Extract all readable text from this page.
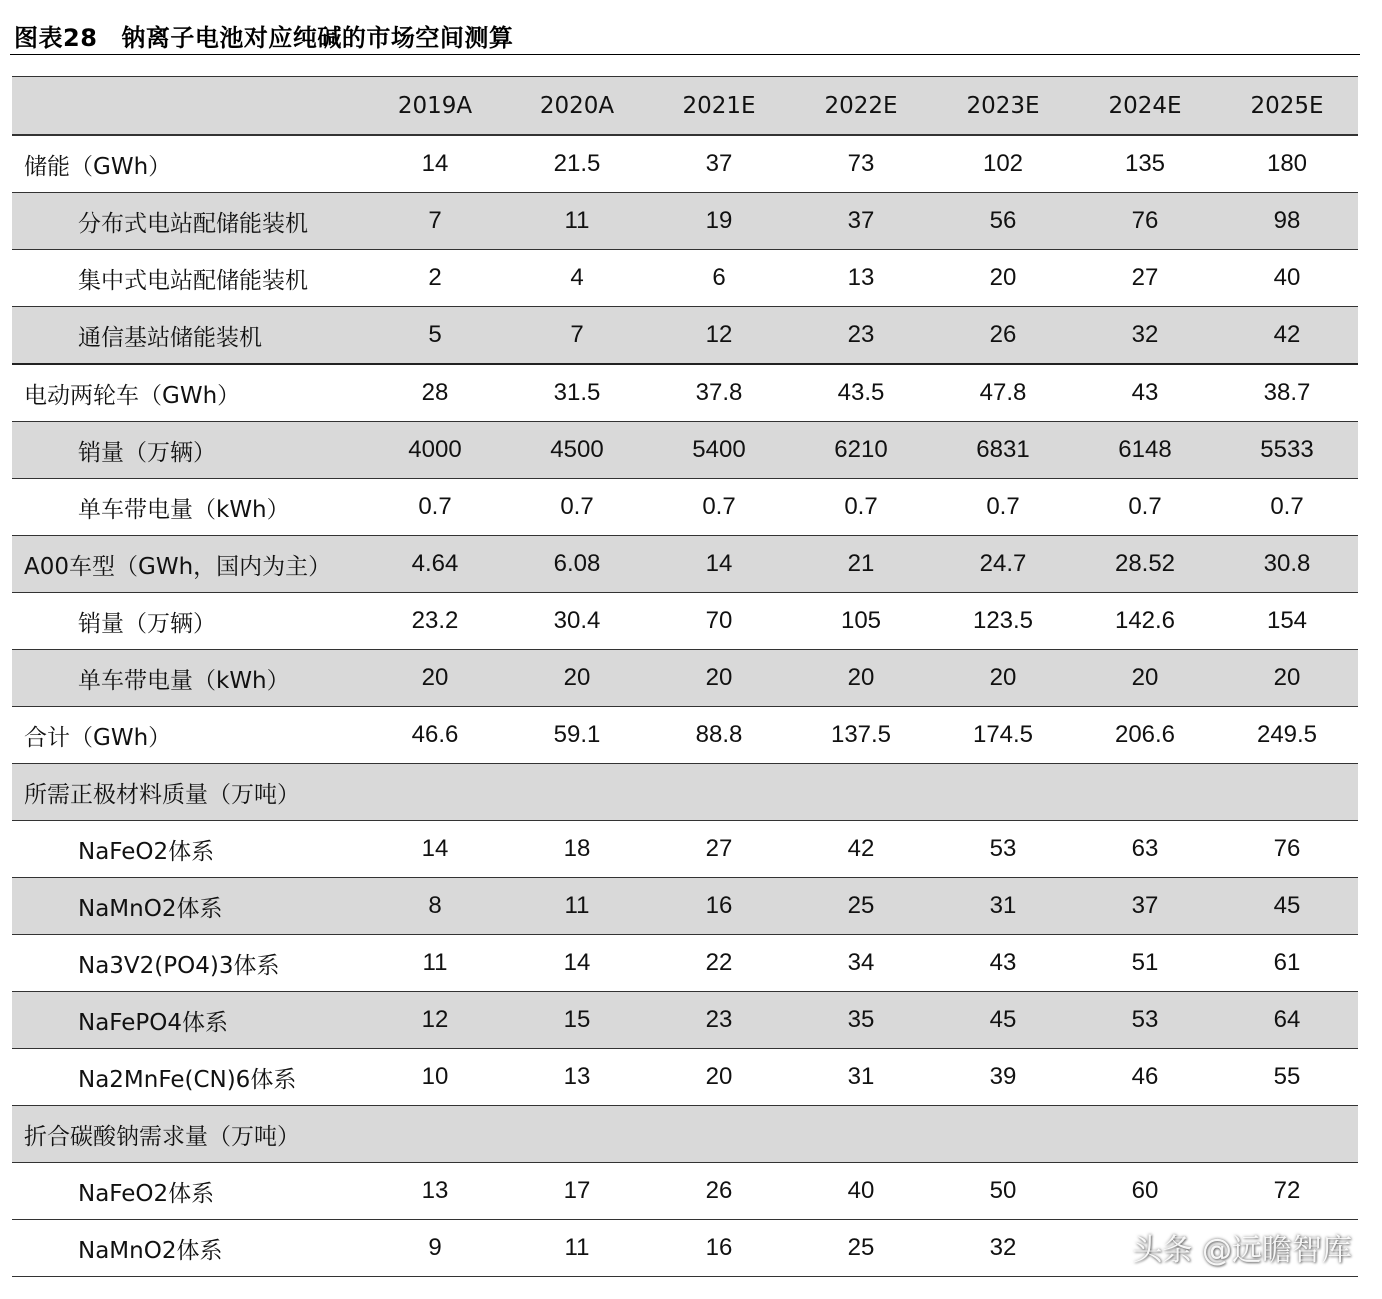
图表28 钠离子电池对应纯碱的市场空间测算
	2019A	2020A	2021E	2022E	2023E	2024E	2025E
储能（GWh）	14	21.5	37	73	102	135	180
分布式电站配储能装机	7	11	19	37	56	76	98
集中式电站配储能装机	2	4	6	13	20	27	40
通信基站储能装机	5	7	12	23	26	32	42
电动两轮车（GWh）	28	31.5	37.8	43.5	47.8	43	38.7
销量（万辆）	4000	4500	5400	6210	6831	6148	5533
单车带电量（kWh）	0.7	0.7	0.7	0.7	0.7	0.7	0.7
A00车型（GWh，国内为主）	4.64	6.08	14	21	24.7	28.52	30.8
销量（万辆）	23.2	30.4	70	105	123.5	142.6	154
单车带电量（kWh）	20	20	20	20	20	20	20
合计（GWh）	46.6	59.1	88.8	137.5	174.5	206.6	249.5
所需正极材料质量（万吨）							
NaFeO2体系	14	18	27	42	53	63	76
NaMnO2体系	8	11	16	25	31	37	45
Na3V2(PO4)3体系	11	14	22	34	43	51	61
NaFePO4体系	12	15	23	35	45	53	64
Na2MnFe(CN)6体系	10	13	20	31	39	46	55
折合碳酸钠需求量（万吨）							
NaFeO2体系	13	17	26	40	50	60	72
NaMnO2体系	9	11	16	25	32			头条 @远瞻智库
